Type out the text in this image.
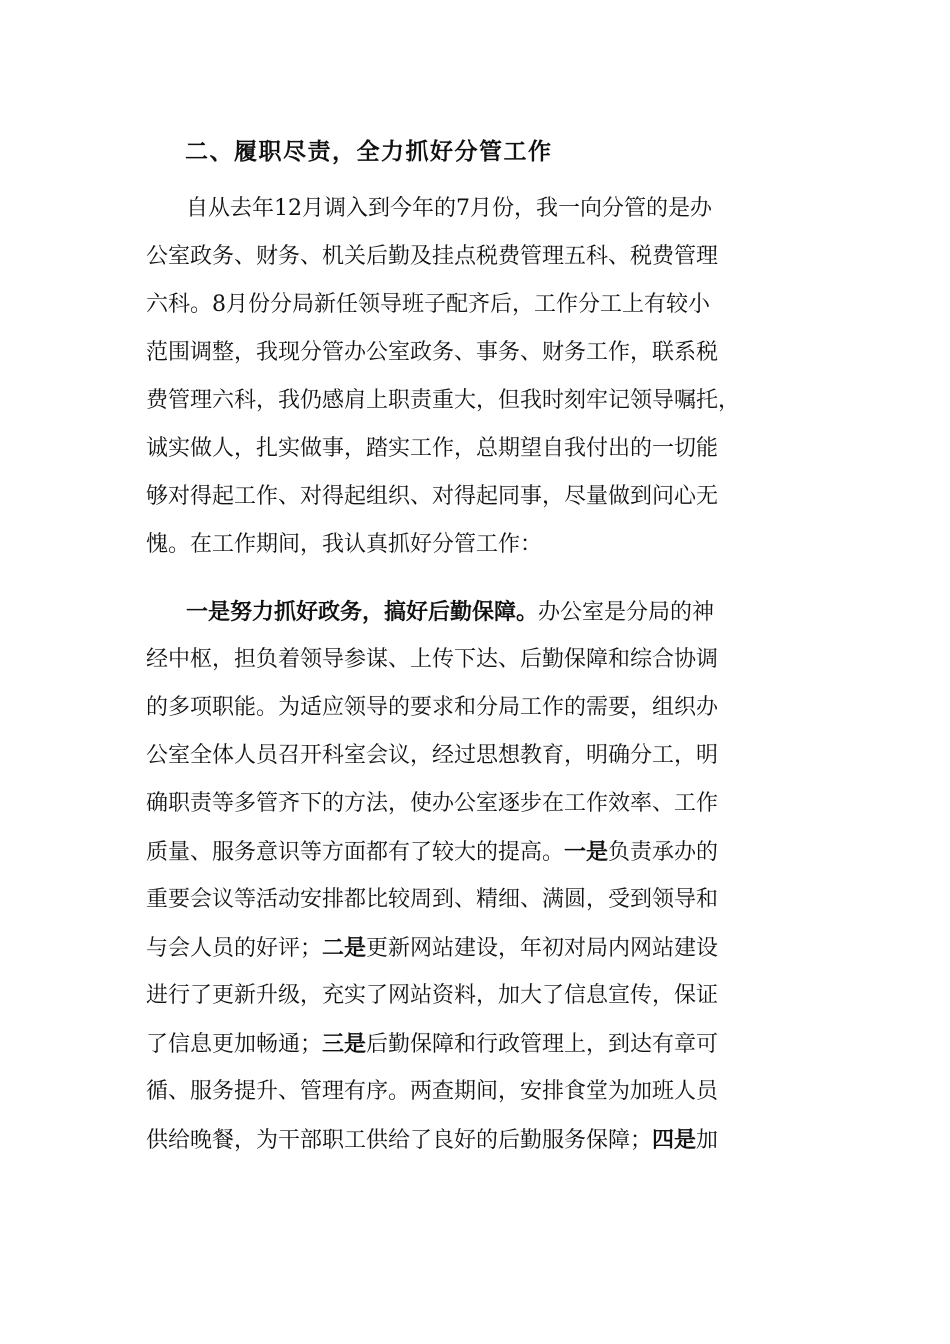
二、履职尽责，全力抓好分管工作
自从去年12月调入到今年的7月份，我一向分管的是办
公室政务、财务、机关后勤及挂点税费管理五科、税费管理
六科。8月份分局新任领导班子配齐后，工作分工上有较小
范围调整，我现分管办公室政务、事务、财务工作，联系税
费管理六科，我仍感肩上职责重大，但我时刻牢记领导嘱托，
诚实做人，扎实做事，踏实工作，总期望自我付出的一切能
够对得起工作、对得起组织、对得起同事，尽量做到问心无
愧。在工作期间，我认真抓好分管工作：
一是努力抓好政务，搞好后勤保障。办公室是分局的神
经中枢，担负着领导参谋、上传下达、后勤保障和综合协调
的多项职能。为适应领导的要求和分局工作的需要，组织办
公室全体人员召开科室会议，经过思想教育，明确分工，明
确职责等多管齐下的方法，使办公室逐步在工作效率、工作
质量、服务意识等方面都有了较大的提高。一是负责承办的
重要会议等活动安排都比较周到、精细、满圆，受到领导和
与会人员的好评；二是更新网站建设，年初对局内网站建设
进行了更新升级，充实了网站资料，加大了信息宣传，保证
了信息更加畅通；三是后勤保障和行政管理上，到达有章可
循、服务提升、管理有序。两查期间，安排食堂为加班人员
供给晚餐，为干部职工供给了良好的后勤服务保障；四是加
